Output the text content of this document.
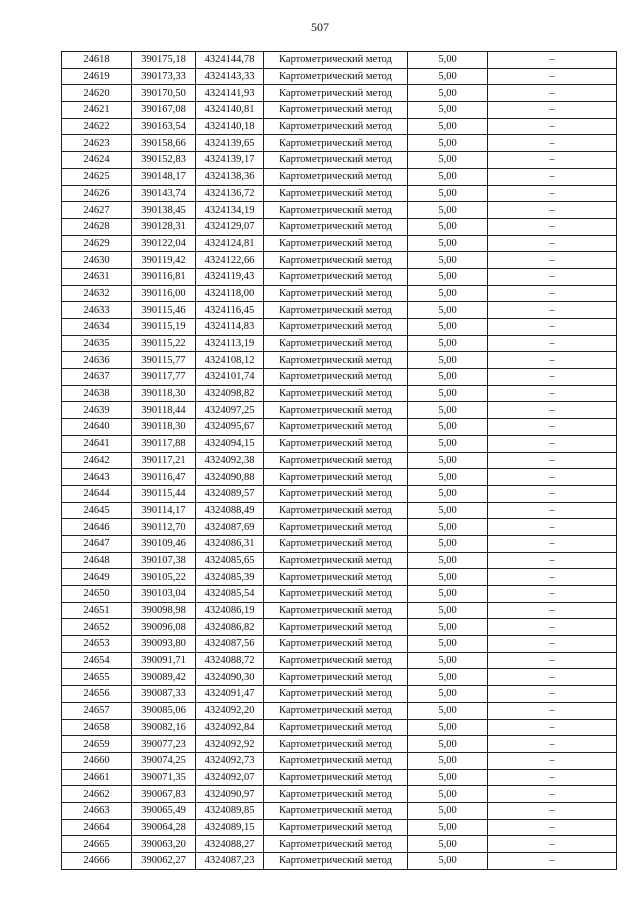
507
24618	390175,18	4324144,78	Картометрический метод	5,00	–
24619	390173,33	4324143,33	Картометрический метод	5,00	–
24620	390170,50	4324141,93	Картометрический метод	5,00	–
24621	390167,08	4324140,81	Картометрический метод	5,00	–
24622	390163,54	4324140,18	Картометрический метод	5,00	–
24623	390158,66	4324139,65	Картометрический метод	5,00	–
24624	390152,83	4324139,17	Картометрический метод	5,00	–
24625	390148,17	4324138,36	Картометрический метод	5,00	–
24626	390143,74	4324136,72	Картометрический метод	5,00	–
24627	390138,45	4324134,19	Картометрический метод	5,00	–
24628	390128,31	4324129,07	Картометрический метод	5,00	–
24629	390122,04	4324124,81	Картометрический метод	5,00	–
24630	390119,42	4324122,66	Картометрический метод	5,00	–
24631	390116,81	4324119,43	Картометрический метод	5,00	–
24632	390116,00	4324118,00	Картометрический метод	5,00	–
24633	390115,46	4324116,45	Картометрический метод	5,00	–
24634	390115,19	4324114,83	Картометрический метод	5,00	–
24635	390115,22	4324113,19	Картометрический метод	5,00	–
24636	390115,77	4324108,12	Картометрический метод	5,00	–
24637	390117,77	4324101,74	Картометрический метод	5,00	–
24638	390118,30	4324098,82	Картометрический метод	5,00	–
24639	390118,44	4324097,25	Картометрический метод	5,00	–
24640	390118,30	4324095,67	Картометрический метод	5,00	–
24641	390117,88	4324094,15	Картометрический метод	5,00	–
24642	390117,21	4324092,38	Картометрический метод	5,00	–
24643	390116,47	4324090,88	Картометрический метод	5,00	–
24644	390115,44	4324089,57	Картометрический метод	5,00	–
24645	390114,17	4324088,49	Картометрический метод	5,00	–
24646	390112,70	4324087,69	Картометрический метод	5,00	–
24647	390109,46	4324086,31	Картометрический метод	5,00	–
24648	390107,38	4324085,65	Картометрический метод	5,00	–
24649	390105,22	4324085,39	Картометрический метод	5,00	–
24650	390103,04	4324085,54	Картометрический метод	5,00	–
24651	390098,98	4324086,19	Картометрический метод	5,00	–
24652	390096,08	4324086,82	Картометрический метод	5,00	–
24653	390093,80	4324087,56	Картометрический метод	5,00	–
24654	390091,71	4324088,72	Картометрический метод	5,00	–
24655	390089,42	4324090,30	Картометрический метод	5,00	–
24656	390087,33	4324091,47	Картометрический метод	5,00	–
24657	390085,06	4324092,20	Картометрический метод	5,00	–
24658	390082,16	4324092,84	Картометрический метод	5,00	–
24659	390077,23	4324092,92	Картометрический метод	5,00	–
24660	390074,25	4324092,73	Картометрический метод	5,00	–
24661	390071,35	4324092,07	Картометрический метод	5,00	–
24662	390067,83	4324090,97	Картометрический метод	5,00	–
24663	390065,49	4324089,85	Картометрический метод	5,00	–
24664	390064,28	4324089,15	Картометрический метод	5,00	–
24665	390063,20	4324088,27	Картометрический метод	5,00	–
24666	390062,27	4324087,23	Картометрический метод	5,00	–
